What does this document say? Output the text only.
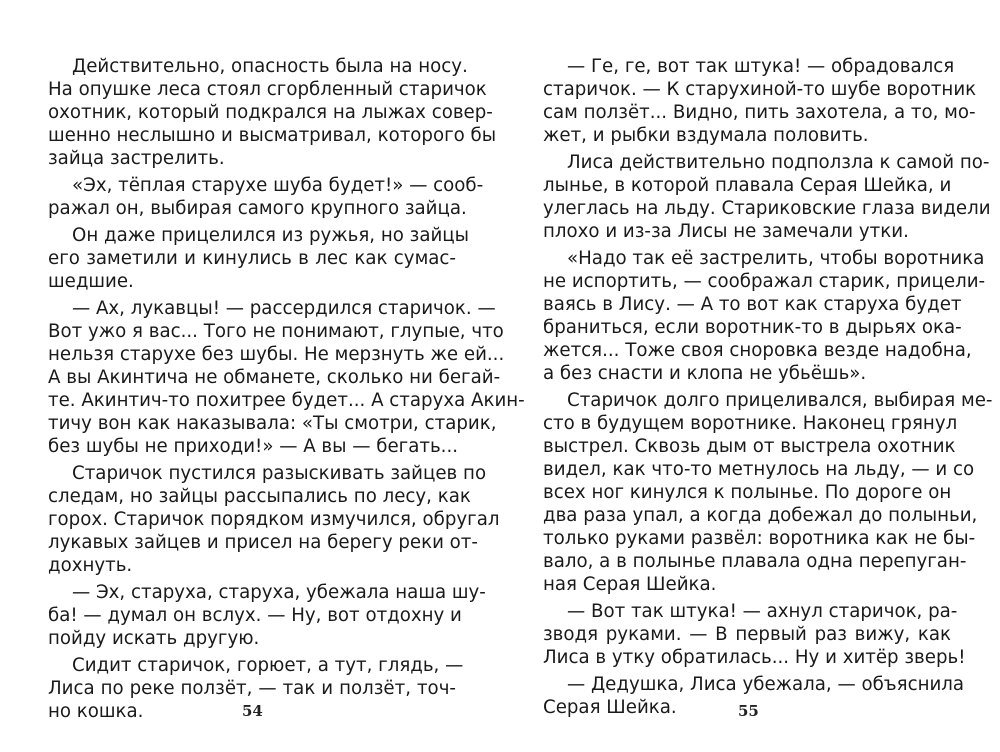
Действительно, опасность была на носу.
На опушке леса стоял сгорбленный старичок
охотник, который подкрался на лыжах совер-
шенно неслышно и высматривал, которого бы
зайца застрелить.
«Эх, тёплая старухе шуба будет!» — сооб-
ражал он, выбирая самого крупного зайца.
Он даже прицелился из ружья, но зайцы
его заметили и кинулись в лес как сумас-
шедшие.
— Ах, лукавцы! — рассердился старичок. —
Вот ужо я вас... Того не понимают, глупые, что
нельзя старухе без шубы. Не мерзнуть же ей...
А вы Акинтича не обманете, сколько ни бегай-
те. Акинтич-то похитрее будет... А старуха Акин-
тичу вон как наказывала: «Ты смотри, старик,
без шубы не приходи!» — А вы — бегать...
Старичок пустился разыскивать зайцев по
следам, но зайцы рассыпались по лесу, как
горох. Старичок порядком измучился, обругал
лукавых зайцев и присел на берегу реки от-
дохнуть.
— Эх, старуха, старуха, убежала наша шу-
ба! — думал он вслух. — Ну, вот отдохну и
пойду искать другую.
Сидит старичок, горюет, а тут, глядь, —
Лиса по реке ползёт, — так и ползёт, точ-
но кошка.
— Ге, ге, вот так штука! — обрадовался
старичок. — К старухиной-то шубе воротник
сам ползёт... Видно, пить захотела, а то, мо-
жет, и рыбки вздумала половить.
Лиса действительно подползла к самой по-
лынье, в которой плавала Серая Шейка, и
улеглась на льду. Стариковские глаза видели
плохо и из-за Лисы не замечали утки.
«Надо так её застрелить, чтобы воротника
не испортить, — соображал старик, прицели-
ваясь в Лису. — А то вот как старуха будет
браниться, если воротник-то в дырьях ока-
жется... Тоже своя сноровка везде надобна,
а без снасти и клопа не убьёшь».
Старичок долго прицеливался, выбирая ме-
сто в будущем воротнике. Наконец грянул
выстрел. Сквозь дым от выстрела охотник
видел, как что-то метнулось на льду, — и со
всех ног кинулся к полынье. По дороге он
два раза упал, а когда добежал до полыньи,
только руками развёл: воротника как не бы-
вало, а в полынье плавала одна перепуган-
ная Серая Шейка.
— Вот так штука! — ахнул старичок, ра-
зводя руками. — В первый раз вижу, как
Лиса в утку обратилась... Ну и хитёр зверь!
— Дедушка, Лиса убежала, — объяснила
Серая Шейка.
54	55
